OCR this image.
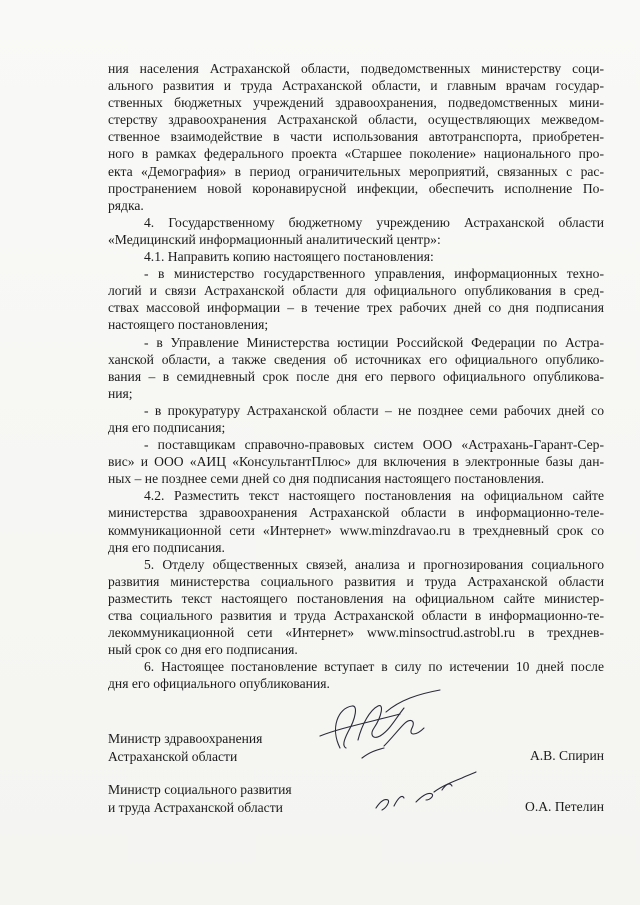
ния населения Астраханской области, подведомственных министерству соци-
ального развития и труда Астраханской области, и главным врачам государ-
ственных бюджетных учреждений здравоохранения, подведомственных мини-
стерству здравоохранения Астраханской области, осуществляющих межведом-
ственное взаимодействие в части использования автотранспорта, приобретен-
ного в рамках федерального проекта «Старшее поколение» национального про-
екта «Демография» в период ограничительных мероприятий, связанных с рас-
пространением новой коронавирусной инфекции, обеспечить исполнение По-
рядка.
4. Государственному бюджетному учреждению Астраханской области
«Медицинский информационный аналитический центр»:
4.1. Направить копию настоящего постановления:
- в министерство государственного управления, информационных техно-
логий и связи Астраханской области для официального опубликования в сред-
ствах массовой информации – в течение трех рабочих дней со дня подписания
настоящего постановления;
- в Управление Министерства юстиции Российской Федерации по Астра-
ханской области, а также сведения об источниках его официального опублико-
вания – в семидневный срок после дня его первого официального опубликова-
ния;
- в прокуратуру Астраханской области – не позднее семи рабочих дней со
дня его подписания;
- поставщикам справочно-правовых систем ООО «Астрахань-Гарант-Сер-
вис» и ООО «АИЦ «КонсультантПлюс» для включения в электронные базы дан-
ных – не позднее семи дней со дня подписания настоящего постановления.
4.2. Разместить текст настоящего постановления на официальном сайте
министерства здравоохранения Астраханской области в информационно-теле-
коммуникационной сети «Интернет» www.minzdravao.ru в трехдневный срок со
дня его подписания.
5. Отделу общественных связей, анализа и прогнозирования социального
развития министерства социального развития и труда Астраханской области
разместить текст настоящего постановления на официальном сайте министер-
ства социального развития и труда Астраханской области в информационно-те-
лекоммуникационной сети «Интернет» www.minsoctrud.astrobl.ru в трехднев-
ный срок со дня его подписания.
6. Настоящее постановление вступает в силу по истечении 10 дней после
дня его официального опубликования.
Министр здравоохранения
Астраханской области	А.В. Спирин
Министр социального развития
и труда Астраханской области	О.А. Петелин
